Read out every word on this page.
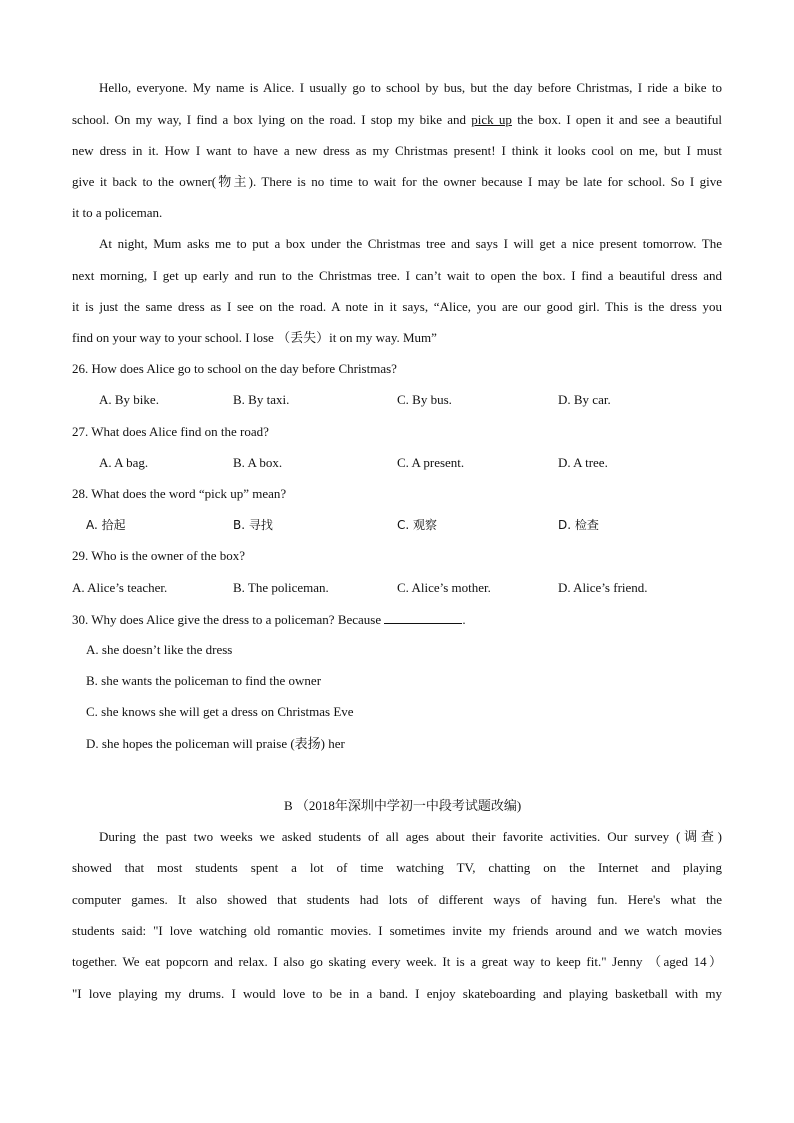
Hello, everyone. My name is Alice. I usually go to school by bus, but the day before Christmas, I ride a bike to
school. On my way, I find a box lying on the road. I stop my bike and pick up the box. I open it and see a beautiful
new dress in it. How I want to have a new dress as my Christmas present! I think it looks cool on me, but I must
give it back to the owner(物主). There is no time to wait for the owner because I may be late for school. So I give
it to a policeman.
At night, Mum asks me to put a box under the Christmas tree and says I will get a nice present tomorrow. The
next morning, I get up early and run to the Christmas tree. I can’t wait to open the box. I find a beautiful dress and
it is just the same dress as I see on the road. A note in it says, “Alice, you are our good girl. This is the dress you
find on your way to your school. I lose （丢失）it on my way. Mum”
26. How does Alice go to school on the day before Christmas?
A. By bike.	B. By taxi.	C. By bus.	D. By car.
27. What does Alice find on the road?
A. A bag.	B. A box.	C. A present.	D. A tree.
28. What does the word “pick up” mean?
A. 拾起	B. 寻找	C. 观察	D. 检查
29. Who is the owner of the box?
A. Alice’s teacher.	B. The policeman.	C. Alice’s mother.	D. Alice’s friend.
30. Why does Alice give the dress to a policeman? Because	.
A. she doesn’t like the dress
B. she wants the policeman to find the owner
C. she knows she will get a dress on Christmas Eve
D. she hopes the policeman will praise (表扬) her
B （2018年深圳中学初一中段考试题改编)
During the past two weeks we asked students of all ages about their favorite activities. Our survey (调查)
showed that most students spent a lot of time watching TV, chatting on the Internet and playing
computer games. It also showed that students had lots of different ways of having fun. Here's what the
students said: "I love watching old romantic movies. I sometimes invite my friends around and we watch movies
together. We eat popcorn and relax. I also go skating every week. It is a great way to keep fit." Jenny （aged 14）
"I love playing my drums. I would love to be in a band. I enjoy skateboarding and playing basketball with my
